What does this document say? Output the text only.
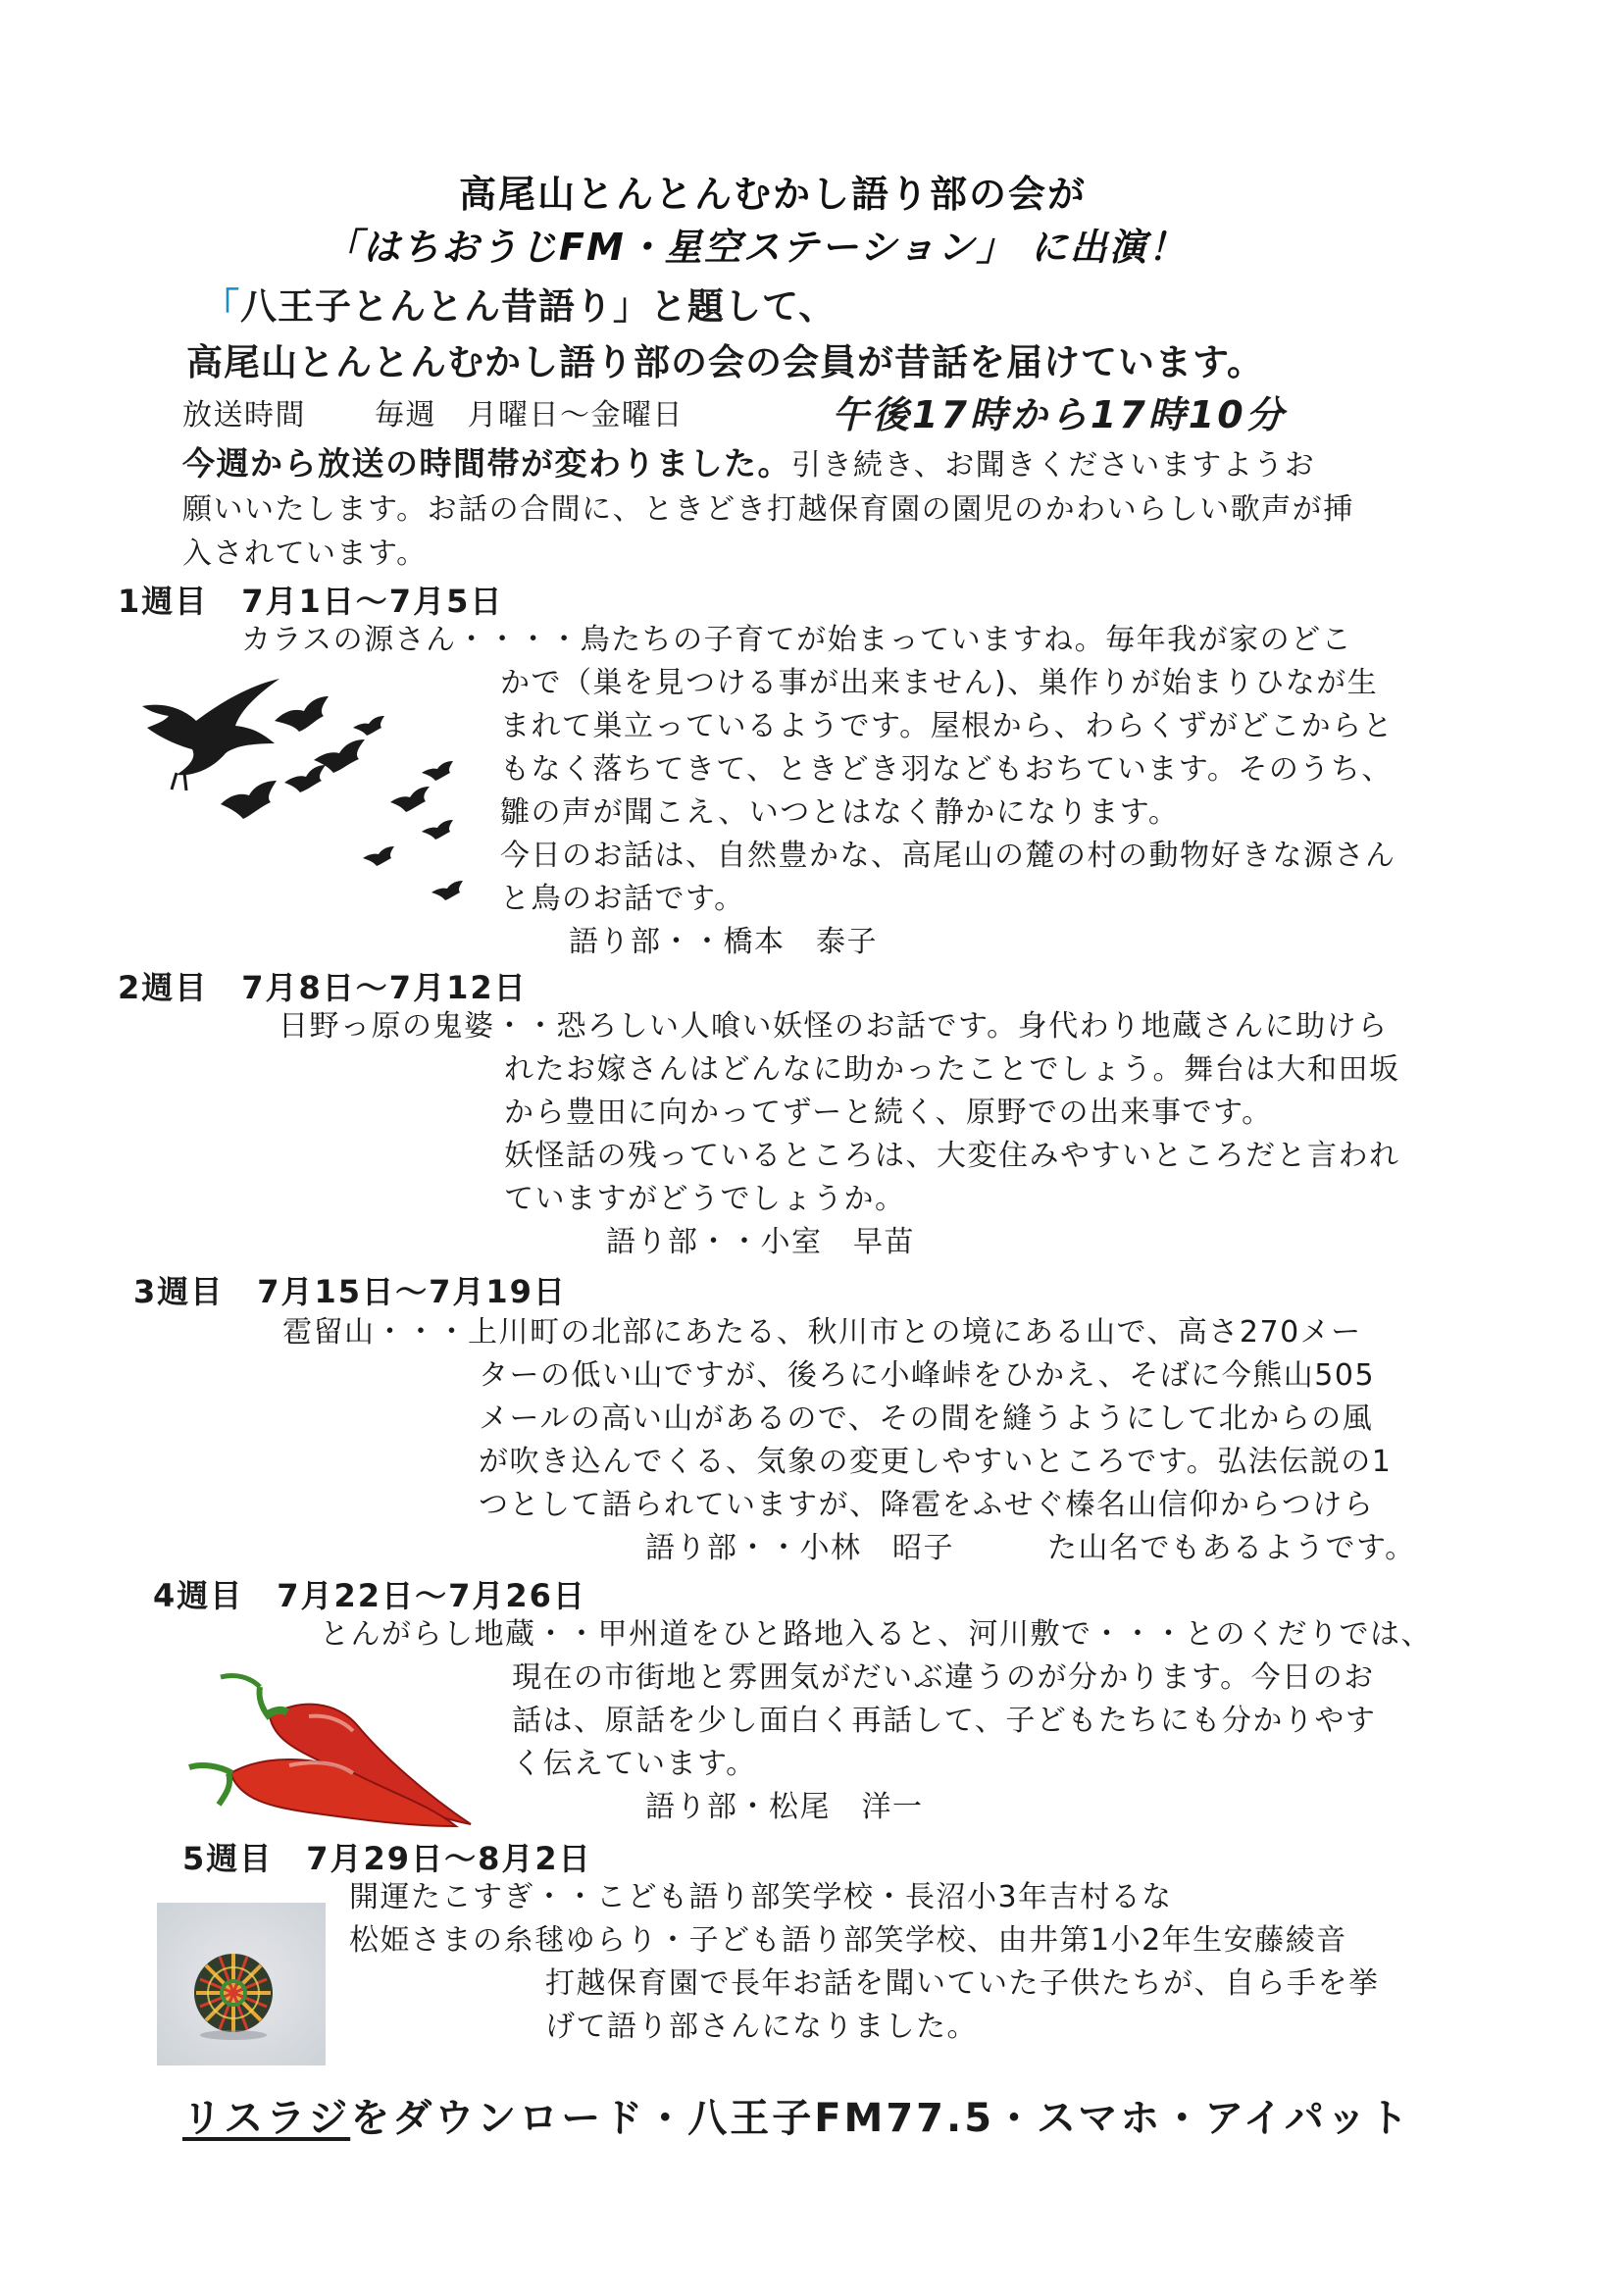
高尾山とんとんむかし語り部の会が
「はちおうじFM・星空ステーション」 に出演！
「八王子とんとん昔語り」と題して、
高尾山とんとんむかし語り部の会の会員が昔話を届けています。
放送時間 毎週　月曜日～金曜日	午後17時から17時10分
今週から放送の時間帯が変わりました。引き続き、お聞きくださいますようお
願いいたします。お話の合間に、ときどき打越保育園の園児のかわいらしい歌声が挿
入されています。
1週目　7月1日～7月5日
カラスの源さん・・・・鳥たちの子育てが始まっていますね。毎年我が家のどこ
かで（巣を見つける事が出来ません)、巣作りが始まりひなが生
まれて巣立っているようです。屋根から、わらくずがどこからと
もなく落ちてきて、ときどき羽などもおちています。そのうち、
雛の声が聞こえ、いつとはなく静かになります。
今日のお話は、自然豊かな、高尾山の麓の村の動物好きな源さん
と鳥のお話です。
語り部・・橋本　泰子
2週目　7月8日～7月12日
日野っ原の鬼婆・・恐ろしい人喰い妖怪のお話です。身代わり地蔵さんに助けら
れたお嫁さんはどんなに助かったことでしょう。舞台は大和田坂
から豊田に向かってずーと続く、原野での出来事です。
妖怪話の残っているところは、大変住みやすいところだと言われ
ていますがどうでしょうか。
語り部・・小室　早苗
3週目　7月15日～7月19日
雹留山・・・上川町の北部にあたる、秋川市との境にある山で、高さ270メー
ターの低い山ですが、後ろに小峰峠をひかえ、そばに今熊山505
メールの高い山があるので、その間を縫うようにして北からの風
が吹き込んでくる、気象の変更しやすいところです。弘法伝説の1
つとして語られていますが、降雹をふせぐ榛名山信仰からつけら
語り部・・小林　昭子	た山名でもあるようです。
4週目　7月22日～7月26日
とんがらし地蔵・・甲州道をひと路地入ると、河川敷で・・・とのくだりでは、
現在の市街地と雰囲気がだいぶ違うのが分かります。今日のお
話は、原話を少し面白く再話して、子どもたちにも分かりやす
く伝えています。
語り部・松尾　洋一
5週目　7月29日～8月2日
開運たこすぎ・・こども語り部笑学校・長沼小3年吉村るな
松姫さまの糸毬ゆらり・子ども語り部笑学校、由井第1小2年生安藤綾音
打越保育園で長年お話を聞いていた子供たちが、自ら手を挙
げて語り部さんになりました。
リスラジをダウンロード・八王子FM77.5・スマホ・アイパット
